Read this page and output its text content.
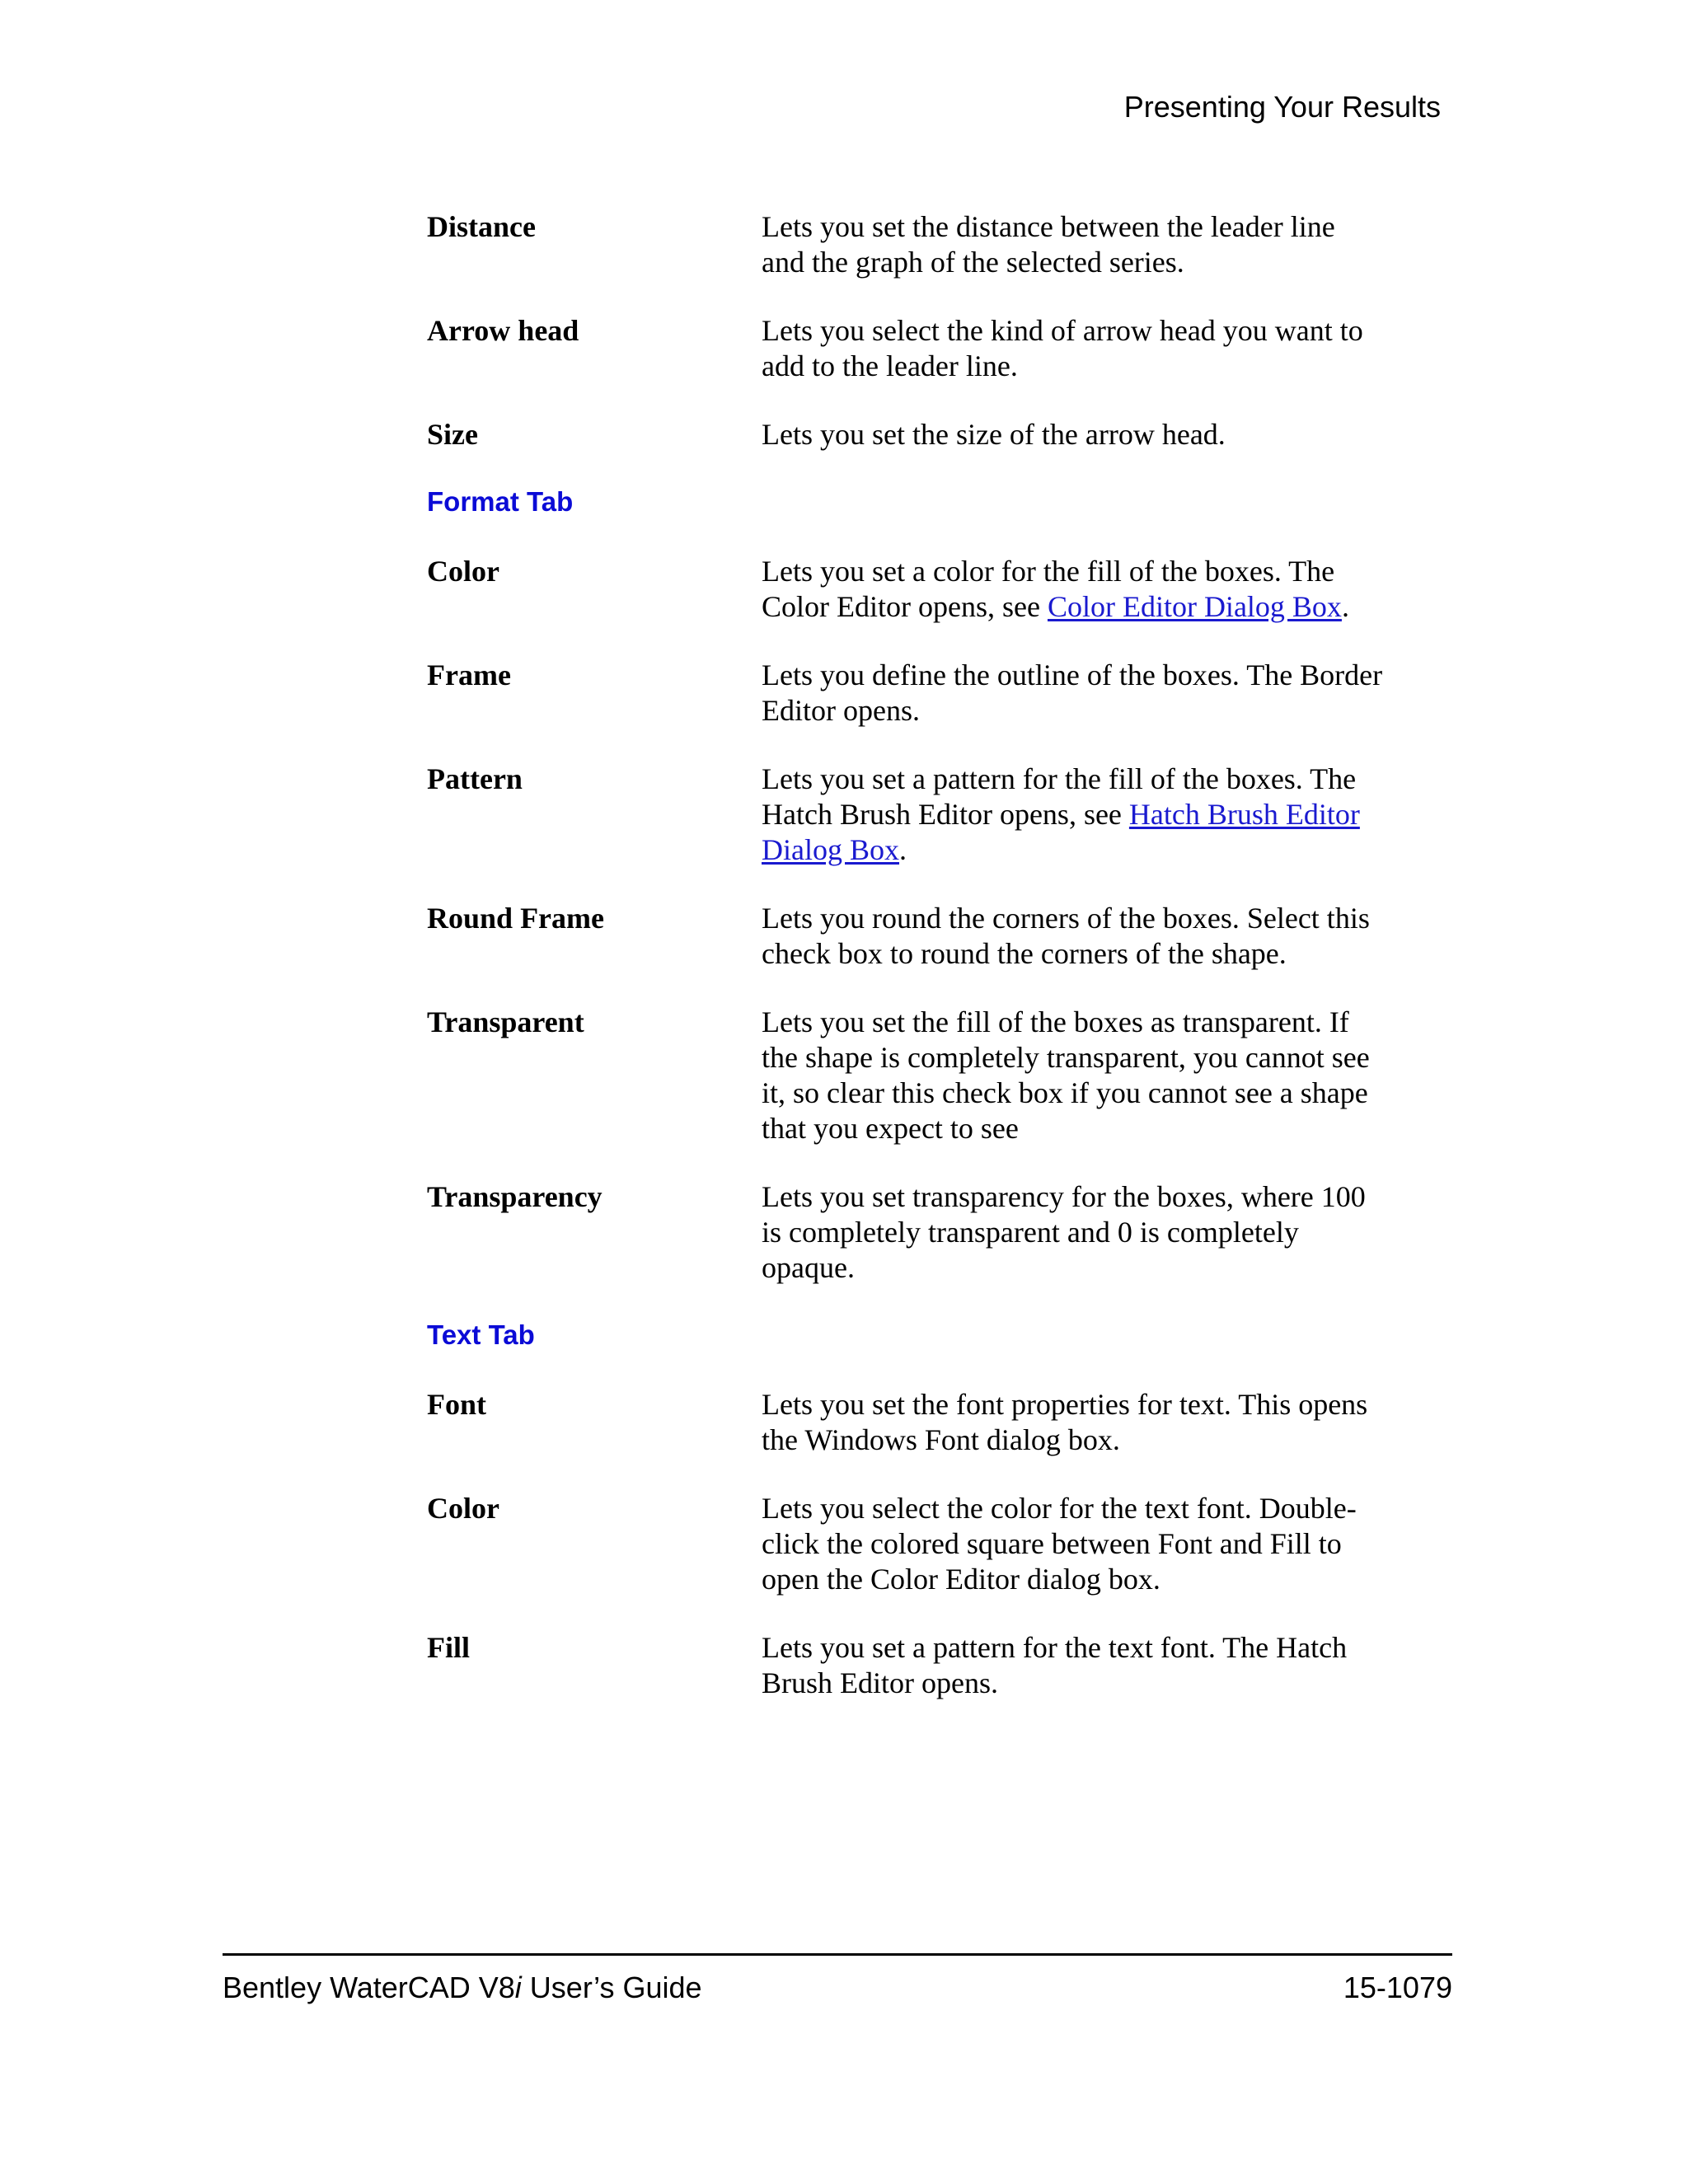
Presenting Your Results
Distance	Lets you set the distance between the leader line and the graph of the selected series.
Arrow head	Lets you select the kind of arrow head you want to add to the leader line.
Size	Lets you set the size of the arrow head.
Format Tab
Color	Lets you set a color for the fill of the boxes. The Color Editor opens, see Color Editor Dialog Box.
Frame	Lets you define the outline of the boxes. The Border Editor opens.
Pattern	Lets you set a pattern for the fill of the boxes. The Hatch Brush Editor opens, see Hatch Brush Editor Dialog Box.
Round Frame	Lets you round the corners of the boxes. Select this check box to round the corners of the shape.
Transparent	Lets you set the fill of the boxes as transparent. If the shape is completely transparent, you cannot see it, so clear this check box if you cannot see a shape that you expect to see
Transparency	Lets you set transparency for the boxes, where 100 is completely transparent and 0 is completely opaque.
Text Tab
Font	Lets you set the font properties for text. This opens the Windows Font dialog box.
Color	Lets you select the color for the text font. Double-click the colored square between Font and Fill to open the Color Editor dialog box.
Fill	Lets you set a pattern for the text font. The Hatch Brush Editor opens.
Bentley WaterCAD V8i User’s Guide	15-1079
